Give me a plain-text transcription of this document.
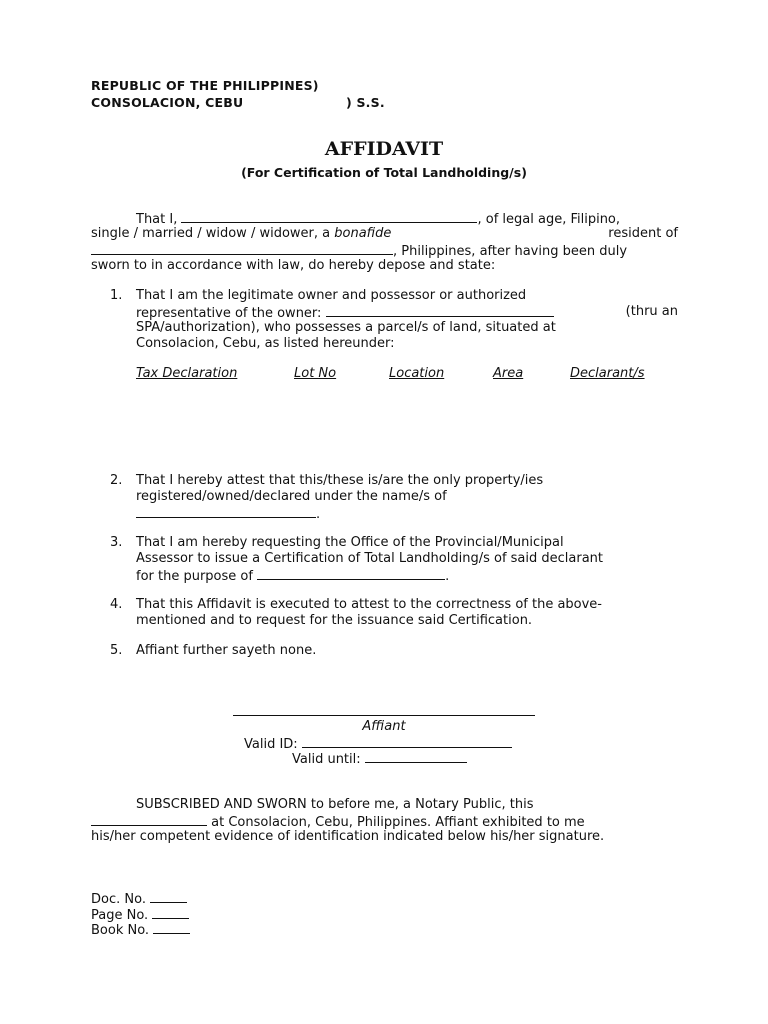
REPUBLIC OF THE PHILIPPINES)
CONSOLACION, CEBU	) S.S.
AFFIDAVIT
(For Certification of Total Landholding/s)
That I,	, of legal age, Filipino,
single / married / widow / widower, a bonafide	resident of
, Philippines, after having been duly
sworn to in accordance with law, do hereby depose and state:
1.	That I am the legitimate owner and possessor or authorized
representative of the owner:	(thru an
SPA/authorization), who possesses a parcel/s of land, situated at
Consolacion, Cebu, as listed hereunder:
Tax Declaration	Lot No	Location	Area	Declarant/s
2.	That I hereby attest that this/these is/are the only property/ies
registered/owned/declared under the name/s of
.
3.	That I am hereby requesting the Office of the Provincial/Municipal
Assessor to issue a Certification of Total Landholding/s of said declarant
for the purpose of	.
4.	That this Affidavit is executed to attest to the correctness of the above-
mentioned and to request for the issuance said Certification.
5.	Affiant further sayeth none.
Affiant
Valid ID:
Valid until:
SUBSCRIBED AND SWORN to before me, a Notary Public, this
at Consolacion, Cebu, Philippines. Affiant exhibited to me
his/her competent evidence of identification indicated below his/her signature.
Doc. No.
Page No.
Book No.
